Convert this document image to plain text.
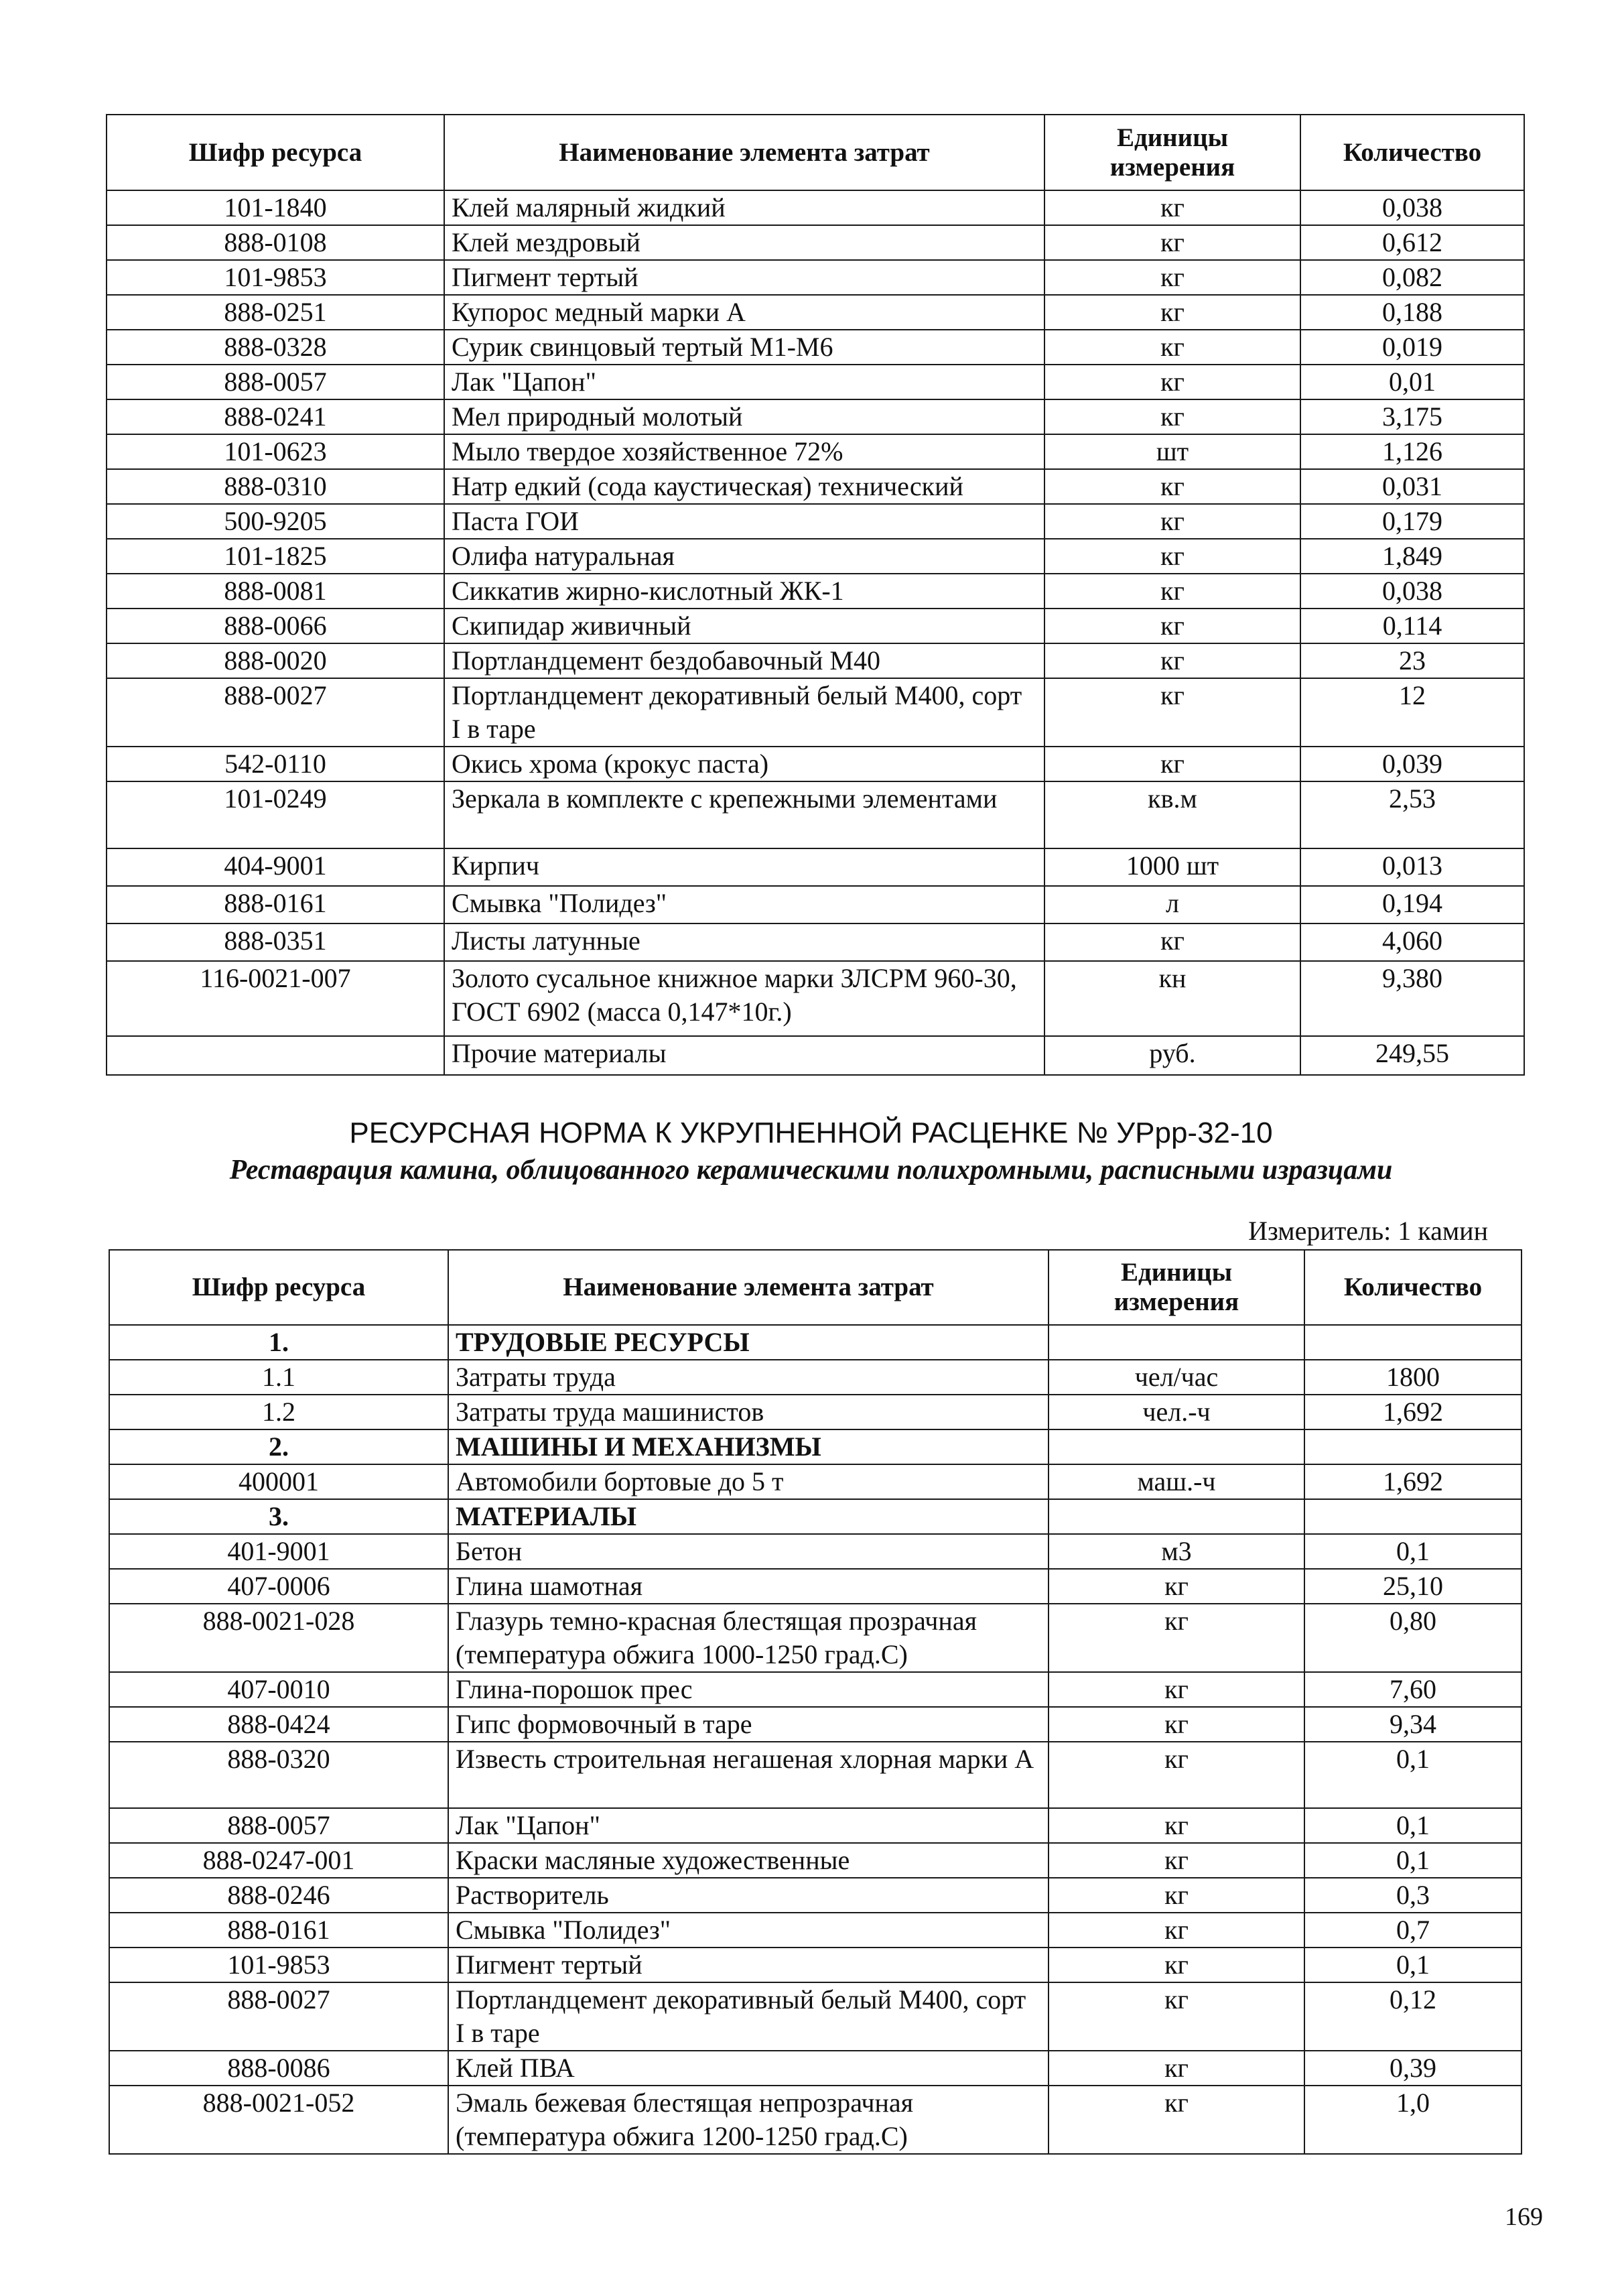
Шифр ресурса	Наименование элемента затрат	Единицы измерения	Количество
101-1840	Клей малярный жидкий	кг	0,038
888-0108	Клей мездровый	кг	0,612
101-9853	Пигмент тертый	кг	0,082
888-0251	Купорос медный марки А	кг	0,188
888-0328	Сурик свинцовый тертый М1-М6	кг	0,019
888-0057	Лак "Цапон"	кг	0,01
888-0241	Мел природный молотый	кг	3,175
101-0623	Мыло твердое хозяйственное 72%	шт	1,126
888-0310	Натр едкий (сода каустическая) технический	кг	0,031
500-9205	Паста ГОИ	кг	0,179
101-1825	Олифа натуральная	кг	1,849
888-0081	Сиккатив жирно-кислотный ЖК-1	кг	0,038
888-0066	Скипидар живичный	кг	0,114
888-0020	Портландцемент бездобавочный М40	кг	23
888-0027	Портландцемент декоративный белый М400, сорт I в таре	кг	12
542-0110	Окись хрома (крокус паста)	кг	0,039
101-0249	Зеркала в комплекте с крепежными элементами	кв.м	2,53
404-9001	Кирпич	1000 шт	0,013
888-0161	Смывка "Полидез"	л	0,194
888-0351	Листы латунные	кг	4,060
116-0021-007	Золото сусальное книжное марки ЗЛСРМ 960-30, ГОСТ 6902 (масса 0,147*10г.)	кн	9,380
	Прочие материалы	руб.	249,55
РЕСУРСНАЯ НОРМА К УКРУПНЕННОЙ РАСЦЕНКЕ № УРрр-32-10
Реставрация камина, облицованного керамическими полихромными, расписными изразцами
Измеритель: 1 камин
Шифр ресурса	Наименование элемента затрат	Единицы измерения	Количество
1.	ТРУДОВЫЕ РЕСУРСЫ		
1.1	Затраты труда	чел/час	1800
1.2	Затраты труда машинистов	чел.-ч	1,692
2.	МАШИНЫ И МЕХАНИЗМЫ		
400001	Автомобили бортовые до 5 т	маш.-ч	1,692
3.	МАТЕРИАЛЫ		
401-9001	Бетон	м3	0,1
407-0006	Глина шамотная	кг	25,10
888-0021-028	Глазурь темно-красная блестящая прозрачная (температура обжига 1000-1250 град.С)	кг	0,80
407-0010	Глина-порошок прес	кг	7,60
888-0424	Гипс формовочный в таре	кг	9,34
888-0320	Известь строительная негашеная хлорная марки А	кг	0,1
888-0057	Лак "Цапон"	кг	0,1
888-0247-001	Краски масляные художественные	кг	0,1
888-0246	Растворитель	кг	0,3
888-0161	Смывка "Полидез"	кг	0,7
101-9853	Пигмент тертый	кг	0,1
888-0027	Портландцемент декоративный белый М400, сорт I в таре	кг	0,12
888-0086	Клей ПВА	кг	0,39
888-0021-052	Эмаль бежевая блестящая непрозрачная (температура обжига 1200-1250 град.С)	кг	1,0
169
